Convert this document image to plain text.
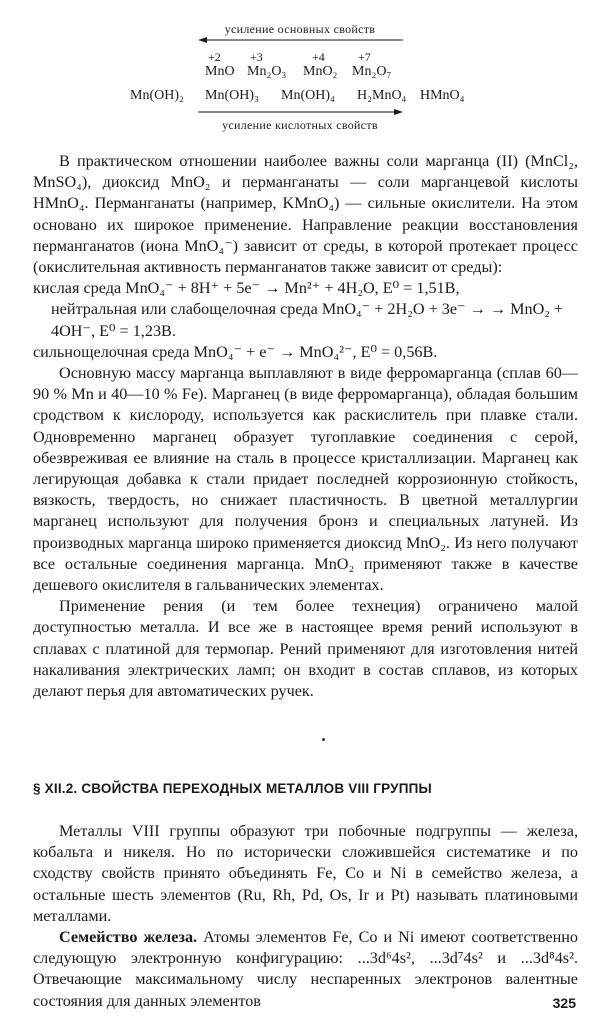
усиление основных свойств
+2 +3	+4	+7
MnO Mn₂O₃ MnO₂ Mn₂O₇
Mn(OH)₂ Mn(OH)₃ Mn(OH)₄ H₂MnO₄ HMnO₄
усиление кислотных свойств

В практическом отношении наиболее важны соли марганца (II) (MnCl₂, MnSO₄), диоксид MnO₂ и перманганаты — соли марганцевой кислоты HMnO₄. Перманганаты (например, KMnO₄) — сильные окислители. На этом основано их широкое применение. Направление реакции восстановления перманганатов (иона MnO₄⁻) зависит от среды, в которой протекает процесс (окислительная активность перманганатов также зависит от среды):

кислая среда MnO₄⁻ + 8H⁺ + 5e⁻ → Mn²⁺ + 4H₂O, E⁰ = 1,51В,

нейтральная или слабощелочная среда MnO₄⁻ + 2H₂O + 3e⁻ → → MnO₂ + 4OH⁻, E⁰ = 1,23В.

сильнощелочная среда MnO₄⁻ + e⁻ → MnO₄²⁻, E⁰ = 0,56В.

Основную массу марганца выплавляют в виде ферромарганца (сплав 60—90 % Mn и 40—10 % Fe). Марганец (в виде ферромарганца), обладая большим сродством к кислороду, используется как раскислитель при плавке стали. Одновременно марганец образует тугоплавкие соединения с серой, обезвреживая ее влияние на сталь в процессе кристаллизации. Марганец как легирующая добавка к стали придает последней коррозионную стойкость, вязкость, твердость, но снижает пластичность. В цветной металлургии марганец используют для получения бронз и специальных латуней. Из производных марганца широко применяется диоксид MnO₂. Из него получают все остальные соединения марганца. MnO₂ применяют также в качестве дешевого окислителя в гальванических элементах.

Применение рения (и тем более технеция) ограничено малой доступностью металла. И все же в настоящее время рений используют в сплавах с платиной для термопар. Рений применяют для изготовления нитей накаливания электрических ламп; он входит в состав сплавов, из которых делают перья для автоматических ручек.

§ XII.2. СВОЙСТВА ПЕРЕХОДНЫХ МЕТАЛЛОВ VIII ГРУППЫ

Металлы VIII группы образуют три побочные подгруппы — железа, кобальта и никеля. Но по исторически сложившейся систематике и по сходству свойств принято объединять Fe, Co и Ni в семейство железа, а остальные шесть элементов (Ru, Rh, Pd, Os, Ir и Pt) называть платиновыми металлами.

Семейство железа. Атомы элементов Fe, Co и Ni имеют соответственно следующую электронную конфигурацию: ...3d⁶4s², ...3d⁷4s² и ...3d⁸4s². Отвечающие максимальному числу неспаренных электронов валентные состояния для данных элементов	325
